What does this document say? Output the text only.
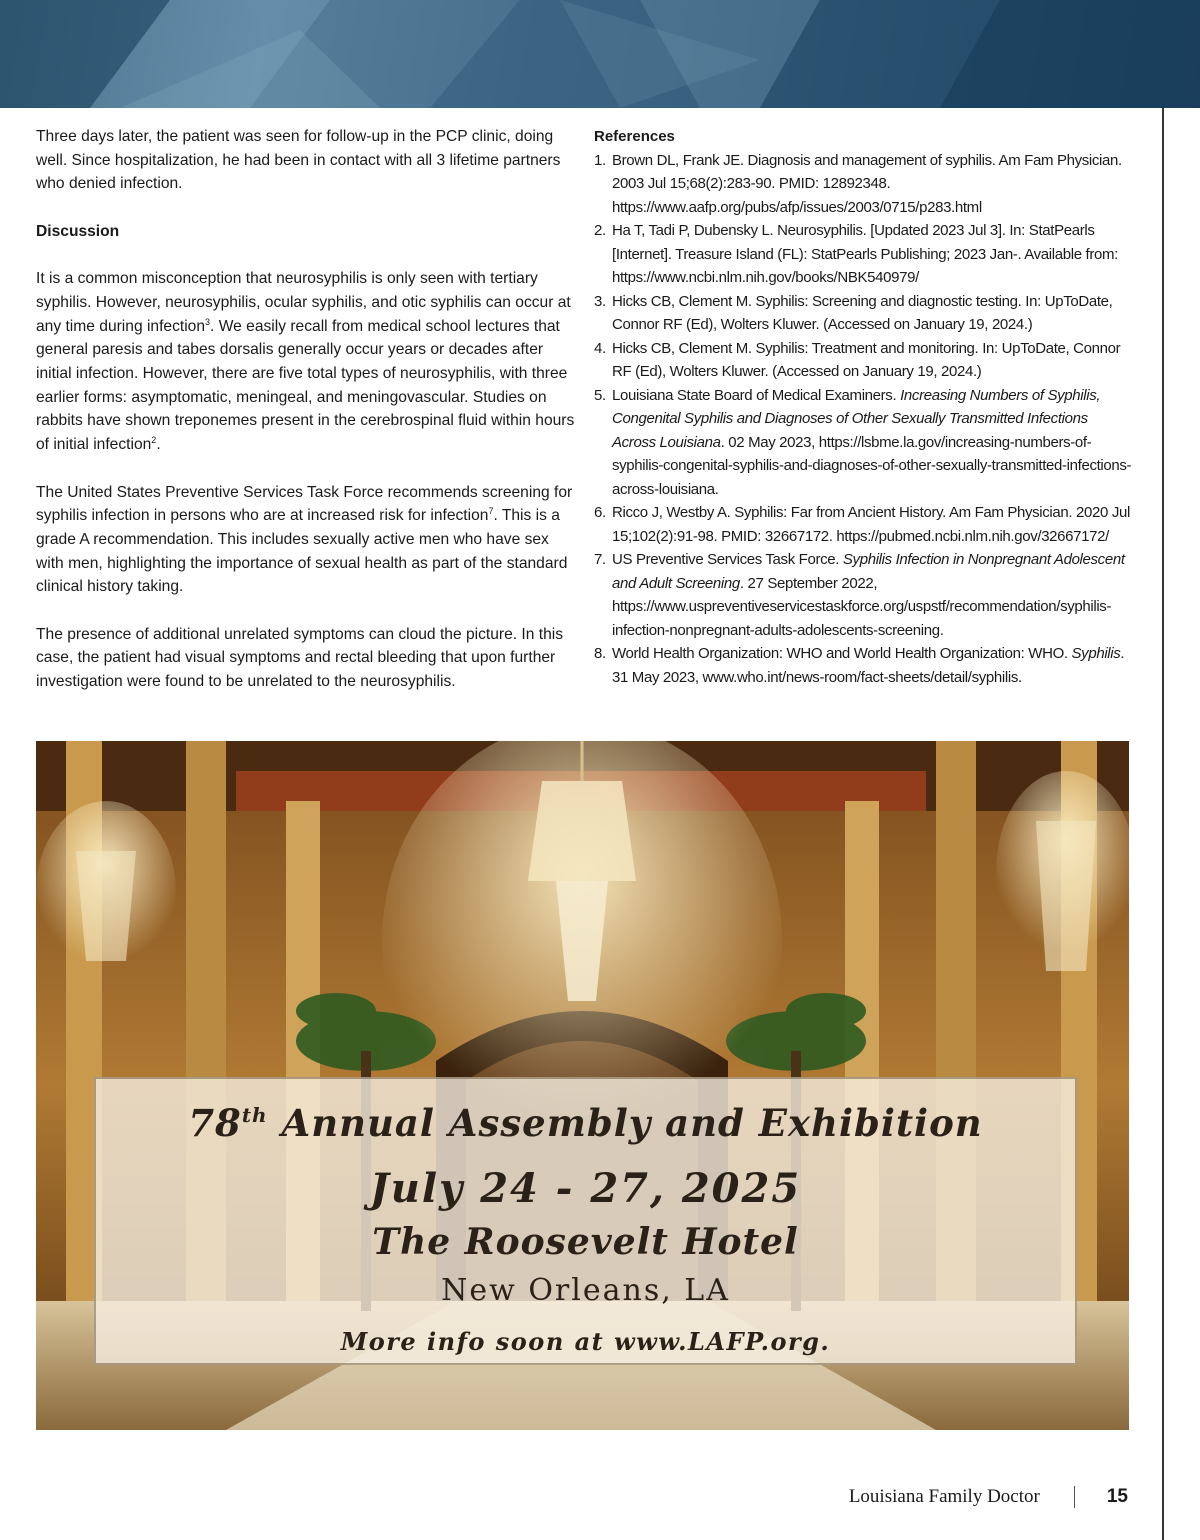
Three days later, the patient was seen for follow-up in the PCP clinic, doing well. Since hospitalization, he had been in contact with all 3 lifetime partners who denied infection.

Discussion

It is a common misconception that neurosyphilis is only seen with tertiary syphilis. However, neurosyphilis, ocular syphilis, and otic syphilis can occur at any time during infection$^3$. We easily recall from medical school lectures that general paresis and tabes dorsalis generally occur years or decades after initial infection. However, there are five total types of neurosyphilis, with three earlier forms: asymptomatic, meningeal, and meningovascular. Studies on rabbits have shown treponemes present in the cerebrospinal fluid within hours of initial infection$^2$.

The United States Preventive Services Task Force recommends screening for syphilis infection in persons who are at increased risk for infection$^7$. This is a grade A recommendation. This includes sexually active men who have sex with men, highlighting the importance of sexual health as part of the standard clinical history taking.

The presence of additional unrelated symptoms can cloud the picture. In this case, the patient had visual symptoms and rectal bleeding that upon further investigation were found to be unrelated to the neurosyphilis.

References
1. Brown DL, Frank JE. Diagnosis and management of syphilis. Am Fam Physician. 2003 Jul 15;68(2):283-90. PMID: 12892348. https://www.aafp.org/pubs/afp/issues/2003/0715/p283.html
2. Ha T, Tadi P, Dubensky L. Neurosyphilis. [Updated 2023 Jul 3]. In: StatPearls [Internet]. Treasure Island (FL): StatPearls Publishing; 2023 Jan-. Available from: https://www.ncbi.nlm.nih.gov/books/NBK540979/
3. Hicks CB, Clement M. Syphilis: Screening and diagnostic testing. In: UpToDate, Connor RF (Ed), Wolters Kluwer. (Accessed on January 19, 2024.)
4. Hicks CB, Clement M. Syphilis: Treatment and monitoring. In: UpToDate, Connor RF (Ed), Wolters Kluwer. (Accessed on January 19, 2024.)
5. Louisiana State Board of Medical Examiners. Increasing Numbers of Syphilis, Congenital Syphilis and Diagnoses of Other Sexually Transmitted Infections Across Louisiana. 02 May 2023, https://lsbme.la.gov/increasing-numbers-of-syphilis-congenital-syphilis-and-diagnoses-of-other-sexually-transmitted-infections-across-louisiana.
6. Ricco J, Westby A. Syphilis: Far from Ancient History. Am Fam Physician. 2020 Jul 15;102(2):91-98. PMID: 32667172. https://pubmed.ncbi.nlm.nih.gov/32667172/
7. US Preventive Services Task Force. Syphilis Infection in Nonpregnant Adolescent and Adult Screening. 27 September 2022, https://www.uspreventiveservicestaskforce.org/uspstf/recommendation/syphilis-infection-nonpregnant-adults-adolescents-screening.
8. World Health Organization: WHO and World Health Organization: WHO. Syphilis. 31 May 2023, www.who.int/news-room/fact-sheets/detail/syphilis.
78th Annual Assembly and Exhibition
July 24 - 27, 2025
The Roosevelt Hotel
New Orleans, LA
More info soon at www.LAFP.org.
Louisiana Family Doctor	15
